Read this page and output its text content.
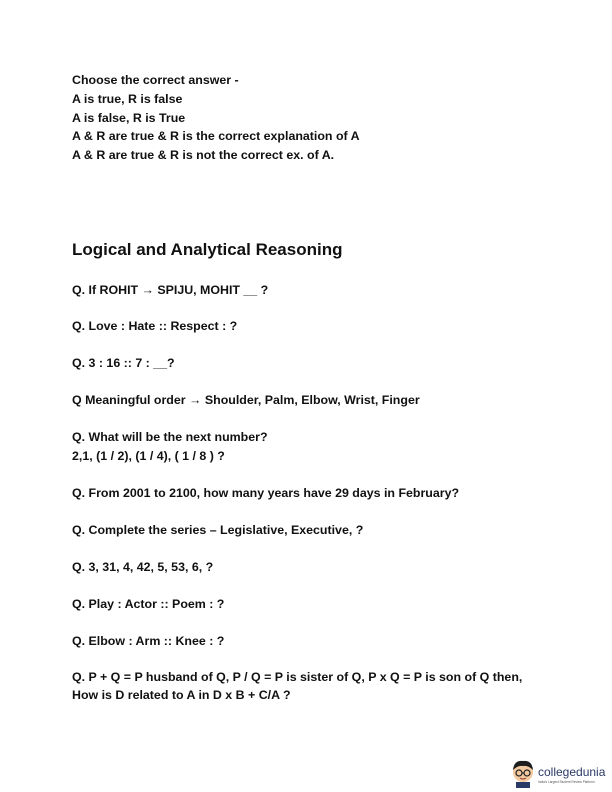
Choose the correct answer -

A is true, R is false

A is false, R is True

A & R are true & R is the correct explanation of A

A & R are true & R is not the correct ex. of A.

Logical and Analytical Reasoning

Q. If ROHIT → SPIJU, MOHIT __ ?

Q. Love : Hate :: Respect : ?

Q. 3 : 16 :: 7 : __?

Q Meaningful order → Shoulder, Palm, Elbow, Wrist, Finger

Q. What will be the next number?

2,1, (1 / 2), (1 / 4), ( 1 / 8 ) ?

Q. From 2001 to 2100, how many years have 29 days in February?

Q. Complete the series – Legislative, Executive, ?

Q. 3, 31, 4, 42, 5, 53, 6, ?

Q. Play : Actor :: Poem : ?

Q. Elbow : Arm :: Knee : ?

Q. P + Q = P husband of Q, P / Q = P is sister of Q, P x Q = P is son of Q then, How is D related to A in D x B + C/A ?

collegedunia
India's Largest Student Review Platform
